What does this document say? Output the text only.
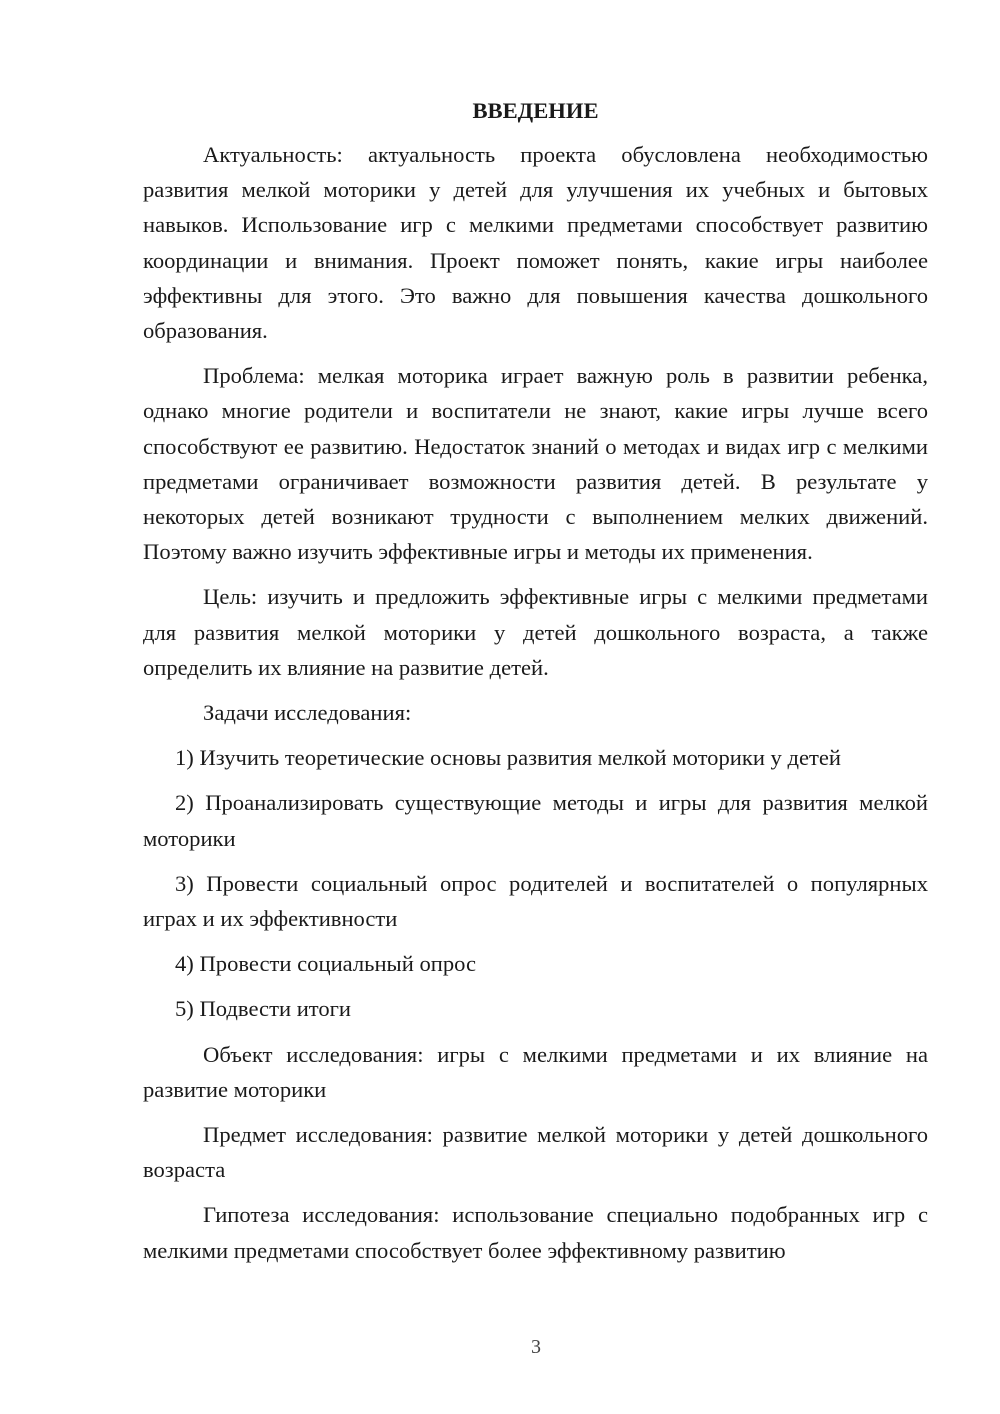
ВВЕДЕНИЕ

Актуальность: актуальность проекта обусловлена необходимостью развития мелкой моторики у детей для улучшения их учебных и бытовых навыков. Использование игр с мелкими предметами способствует развитию координации и внимания. Проект поможет понять, какие игры наиболее эффективны для этого. Это важно для повышения качества дошкольного образования.

Проблема: мелкая моторика играет важную роль в развитии ребенка, однако многие родители и воспитатели не знают, какие игры лучше всего способствуют ее развитию. Недостаток знаний о методах и видах игр с мелкими предметами ограничивает возможности развития детей. В результате у некоторых детей возникают трудности с выполнением мелких движений. Поэтому важно изучить эффективные игры и методы их применения.

Цель: изучить и предложить эффективные игры с мелкими предметами для развития мелкой моторики у детей дошкольного возраста, а также определить их влияние на развитие детей.

Задачи исследования:

1) Изучить теоретические основы развития мелкой моторики у детей

2) Проанализировать существующие методы и игры для развития мелкой моторики

3) Провести социальный опрос родителей и воспитателей о популярных играх и их эффективности

4) Провести социальный опрос

5) Подвести итоги

Объект исследования: игры с мелкими предметами и их влияние на развитие моторики

Предмет исследования: развитие мелкой моторики у детей дошкольного возраста

Гипотеза исследования: использование специально подобранных игр с мелкими предметами способствует более эффективному развитию

3
